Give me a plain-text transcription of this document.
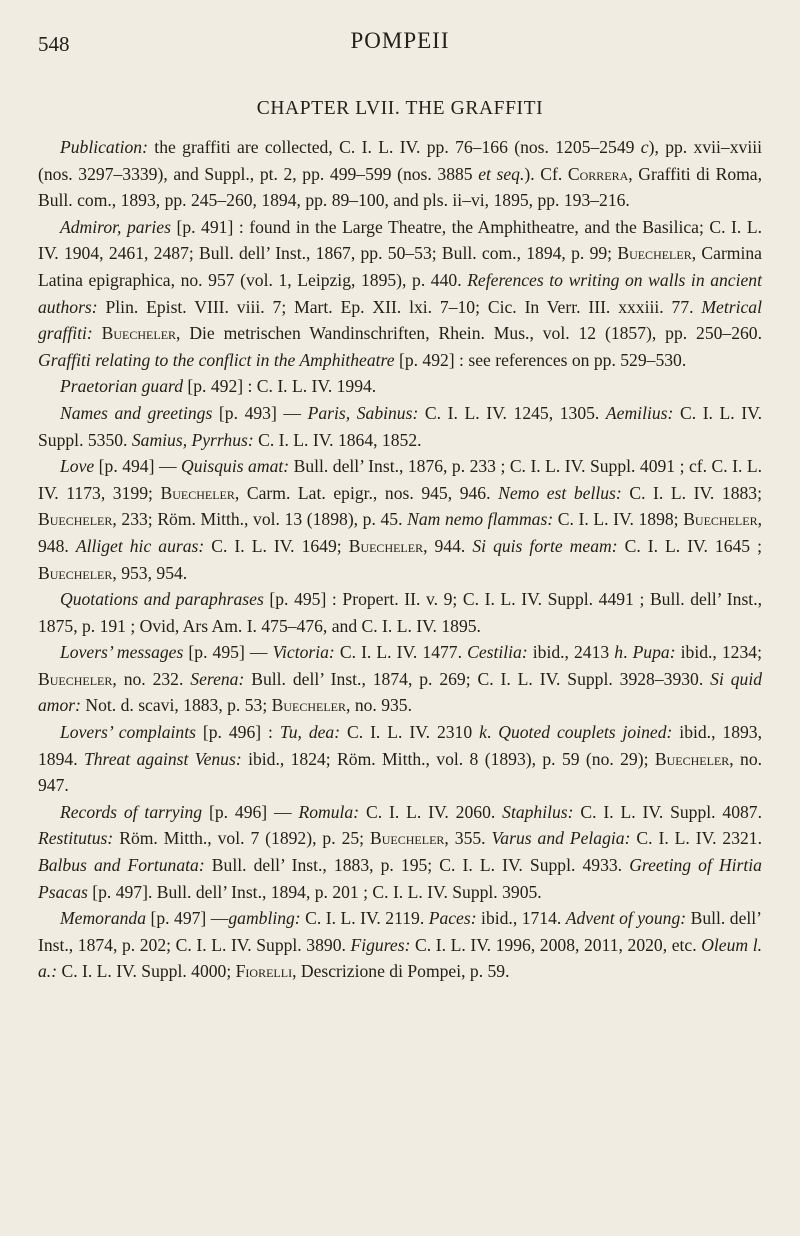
548	POMPEII
CHAPTER LVII. THE GRAFFITI

Publication: the graffiti are collected, C. I. L. IV. pp. 76–166 (nos. 1205–2549 c), pp. xvii–xviii (nos. 3297–3339), and Suppl., pt. 2, pp. 499–599 (nos. 3885 et seq.). Cf. Correra, Graffiti di Roma, Bull. com., 1893, pp. 245–260, 1894, pp. 89–100, and pls. ii–vi, 1895, pp. 193–216.

Admiror, paries [p. 491] : found in the Large Theatre, the Amphitheatre, and the Basilica; C. I. L. IV. 1904, 2461, 2487; Bull. dell’ Inst., 1867, pp. 50–53; Bull. com., 1894, p. 99; Buecheler, Carmina Latina epigraphica, no. 957 (vol. 1, Leipzig, 1895), p. 440. References to writing on walls in ancient authors: Plin. Epist. VIII. viii. 7; Mart. Ep. XII. lxi. 7–10; Cic. In Verr. III. xxxiii. 77. Metrical graffiti: Buecheler, Die metrischen Wandinschriften, Rhein. Mus., vol. 12 (1857), pp. 250–260. Graffiti relating to the conflict in the Amphitheatre [p. 492] : see references on pp. 529–530.

Praetorian guard [p. 492] : C. I. L. IV. 1994.

Names and greetings [p. 493] — Paris, Sabinus: C. I. L. IV. 1245, 1305. Aemilius: C. I. L. IV. Suppl. 5350. Samius, Pyrrhus: C. I. L. IV. 1864, 1852.

Love [p. 494] — Quisquis amat: Bull. dell’ Inst., 1876, p. 233 ; C. I. L. IV. Suppl. 4091 ; cf. C. I. L. IV. 1173, 3199; Buecheler, Carm. Lat. epigr., nos. 945, 946. Nemo est bellus: C. I. L. IV. 1883; Buecheler, 233; Röm. Mitth., vol. 13 (1898), p. 45. Nam nemo flammas: C. I. L. IV. 1898; Buecheler, 948. Alliget hic auras: C. I. L. IV. 1649; Buecheler, 944. Si quis forte meam: C. I. L. IV. 1645 ; Buecheler, 953, 954.

Quotations and paraphrases [p. 495] : Propert. II. v. 9; C. I. L. IV. Suppl. 4491 ; Bull. dell’ Inst., 1875, p. 191 ; Ovid, Ars Am. I. 475–476, and C. I. L. IV. 1895.

Lovers’ messages [p. 495] — Victoria: C. I. L. IV. 1477. Cestilia: ibid., 2413 h. Pupa: ibid., 1234; Buecheler, no. 232. Serena: Bull. dell’ Inst., 1874, p. 269; C. I. L. IV. Suppl. 3928–3930. Si quid amor: Not. d. scavi, 1883, p. 53; Buecheler, no. 935.

Lovers’ complaints [p. 496] : Tu, dea: C. I. L. IV. 2310 k. Quoted couplets joined: ibid., 1893, 1894. Threat against Venus: ibid., 1824; Röm. Mitth., vol. 8 (1893), p. 59 (no. 29); Buecheler, no. 947.

Records of tarrying [p. 496] — Romula: C. I. L. IV. 2060. Staphilus: C. I. L. IV. Suppl. 4087. Restitutus: Röm. Mitth., vol. 7 (1892), p. 25; Buecheler, 355. Varus and Pelagia: C. I. L. IV. 2321. Balbus and Fortunata: Bull. dell’ Inst., 1883, p. 195; C. I. L. IV. Suppl. 4933. Greeting of Hirtia Psacas [p. 497]. Bull. dell’ Inst., 1894, p. 201 ; C. I. L. IV. Suppl. 3905.

Memoranda [p. 497] —gambling: C. I. L. IV. 2119. Paces: ibid., 1714. Advent of young: Bull. dell’ Inst., 1874, p. 202; C. I. L. IV. Suppl. 3890. Figures: C. I. L. IV. 1996, 2008, 2011, 2020, etc. Oleum l. a.: C. I. L. IV. Suppl. 4000; Fiorelli, Descrizione di Pompei, p. 59.
